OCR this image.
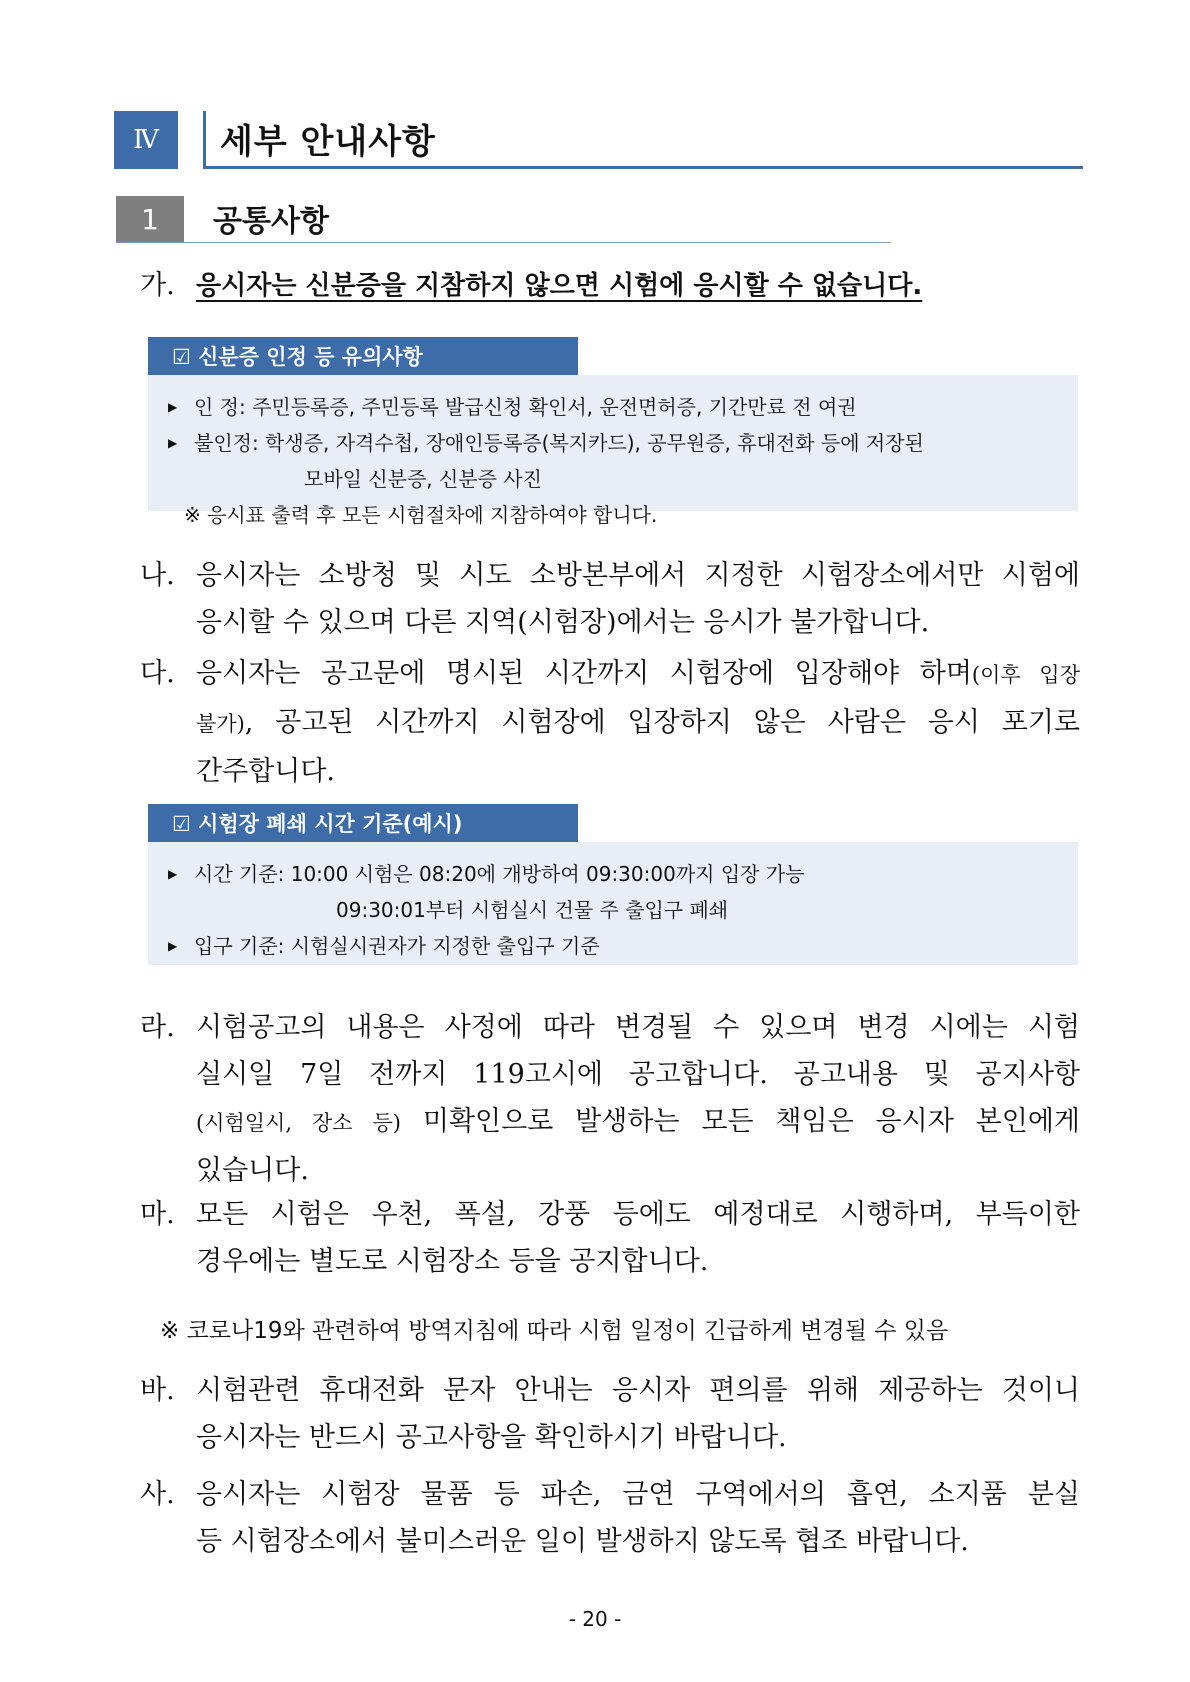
Ⅳ	세부 안내사항
1	공통사항
가. 응시자는 신분증을 지참하지 않으면 시험에 응시할 수 없습니다.
☑ 신분증 인정 등 유의사항
▶ 인 정: 주민등록증, 주민등록 발급신청 확인서, 운전면허증, 기간만료 전 여권
▶ 불인정: 학생증, 자격수첩, 장애인등록증(복지카드), 공무원증, 휴대전화 등에 저장된
모바일 신분증, 신분증 사진
※ 응시표 출력 후 모든 시험절차에 지참하여야 합니다.
나. 응시자는 소방청 및 시도 소방본부에서 지정한 시험장소에서만 시험에
응시할 수 있으며 다른 지역(시험장)에서는 응시가 불가합니다.
다. 응시자는 공고문에 명시된 시간까지 시험장에 입장해야 하며(이후 입장
불가), 공고된 시간까지 시험장에 입장하지 않은 사람은 응시 포기로
간주합니다.
☑ 시험장 폐쇄 시간 기준(예시)
▶ 시간 기준: 10:00 시험은 08:20에 개방하여 09:30:00까지 입장 가능
09:30:01부터 시험실시 건물 주 출입구 폐쇄
▶ 입구 기준: 시험실시권자가 지정한 출입구 기준
라. 시험공고의 내용은 사정에 따라 변경될 수 있으며 변경 시에는 시험
실시일 7일 전까지 119고시에 공고합니다. 공고내용 및 공지사항
(시험일시, 장소 등) 미확인으로 발생하는 모든 책임은 응시자 본인에게
있습니다.
마. 모든 시험은 우천, 폭설, 강풍 등에도 예정대로 시행하며, 부득이한
경우에는 별도로 시험장소 등을 공지합니다.
※ 코로나19와 관련하여 방역지침에 따라 시험 일정이 긴급하게 변경될 수 있음
바. 시험관련 휴대전화 문자 안내는 응시자 편의를 위해 제공하는 것이니
응시자는 반드시 공고사항을 확인하시기 바랍니다.
사. 응시자는 시험장 물품 등 파손, 금연 구역에서의 흡연, 소지품 분실
등 시험장소에서 불미스러운 일이 발생하지 않도록 협조 바랍니다.
- 20 -
